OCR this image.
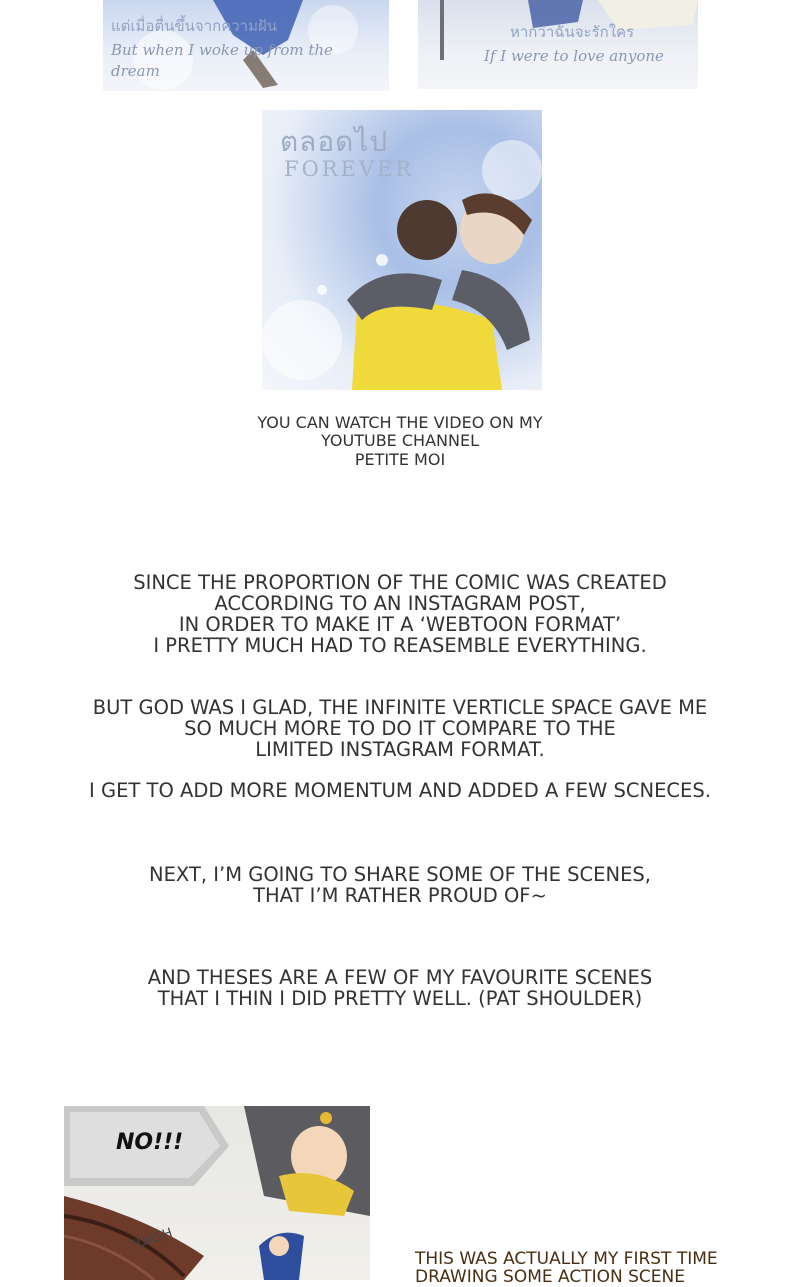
แต่เมื่อตื่นขึ้นจากความฝัน

But when I woke up from the

dream

หากว่าฉันจะรักใคร

If I were to love anyone

ตลอดไป
FOREVER

YOU CAN WATCH THE VIDEO ON MY

YOUTUBE CHANNEL

PETITE MOI

SINCE THE PROPORTION OF THE COMIC WAS CREATED

ACCORDING TO AN INSTAGRAM POST,

IN ORDER TO MAKE IT A ‘WEBTOON FORMAT’

I PRETTY MUCH HAD TO REASEMBLE EVERYTHING.

BUT GOD WAS I GLAD, THE INFINITE VERTICLE SPACE GAVE ME

SO MUCH MORE TO DO IT COMPARE TO THE

LIMITED INSTAGRAM FORMAT.

I GET TO ADD MORE MOMENTUM AND ADDED A FEW SCNECES.

NEXT, I’M GOING TO SHARE SOME OF THE SCENES,

THAT I’M RATHER PROUD OF~

AND THESES ARE A FEW OF MY FAVOURITE SCENES

THAT I THIN I DID PRETTY WELL. (PAT SHOULDER)

NO!!!
*DASH

THIS WAS ACTUALLY MY FIRST TIME

DRAWING SOME ACTION SCENE
